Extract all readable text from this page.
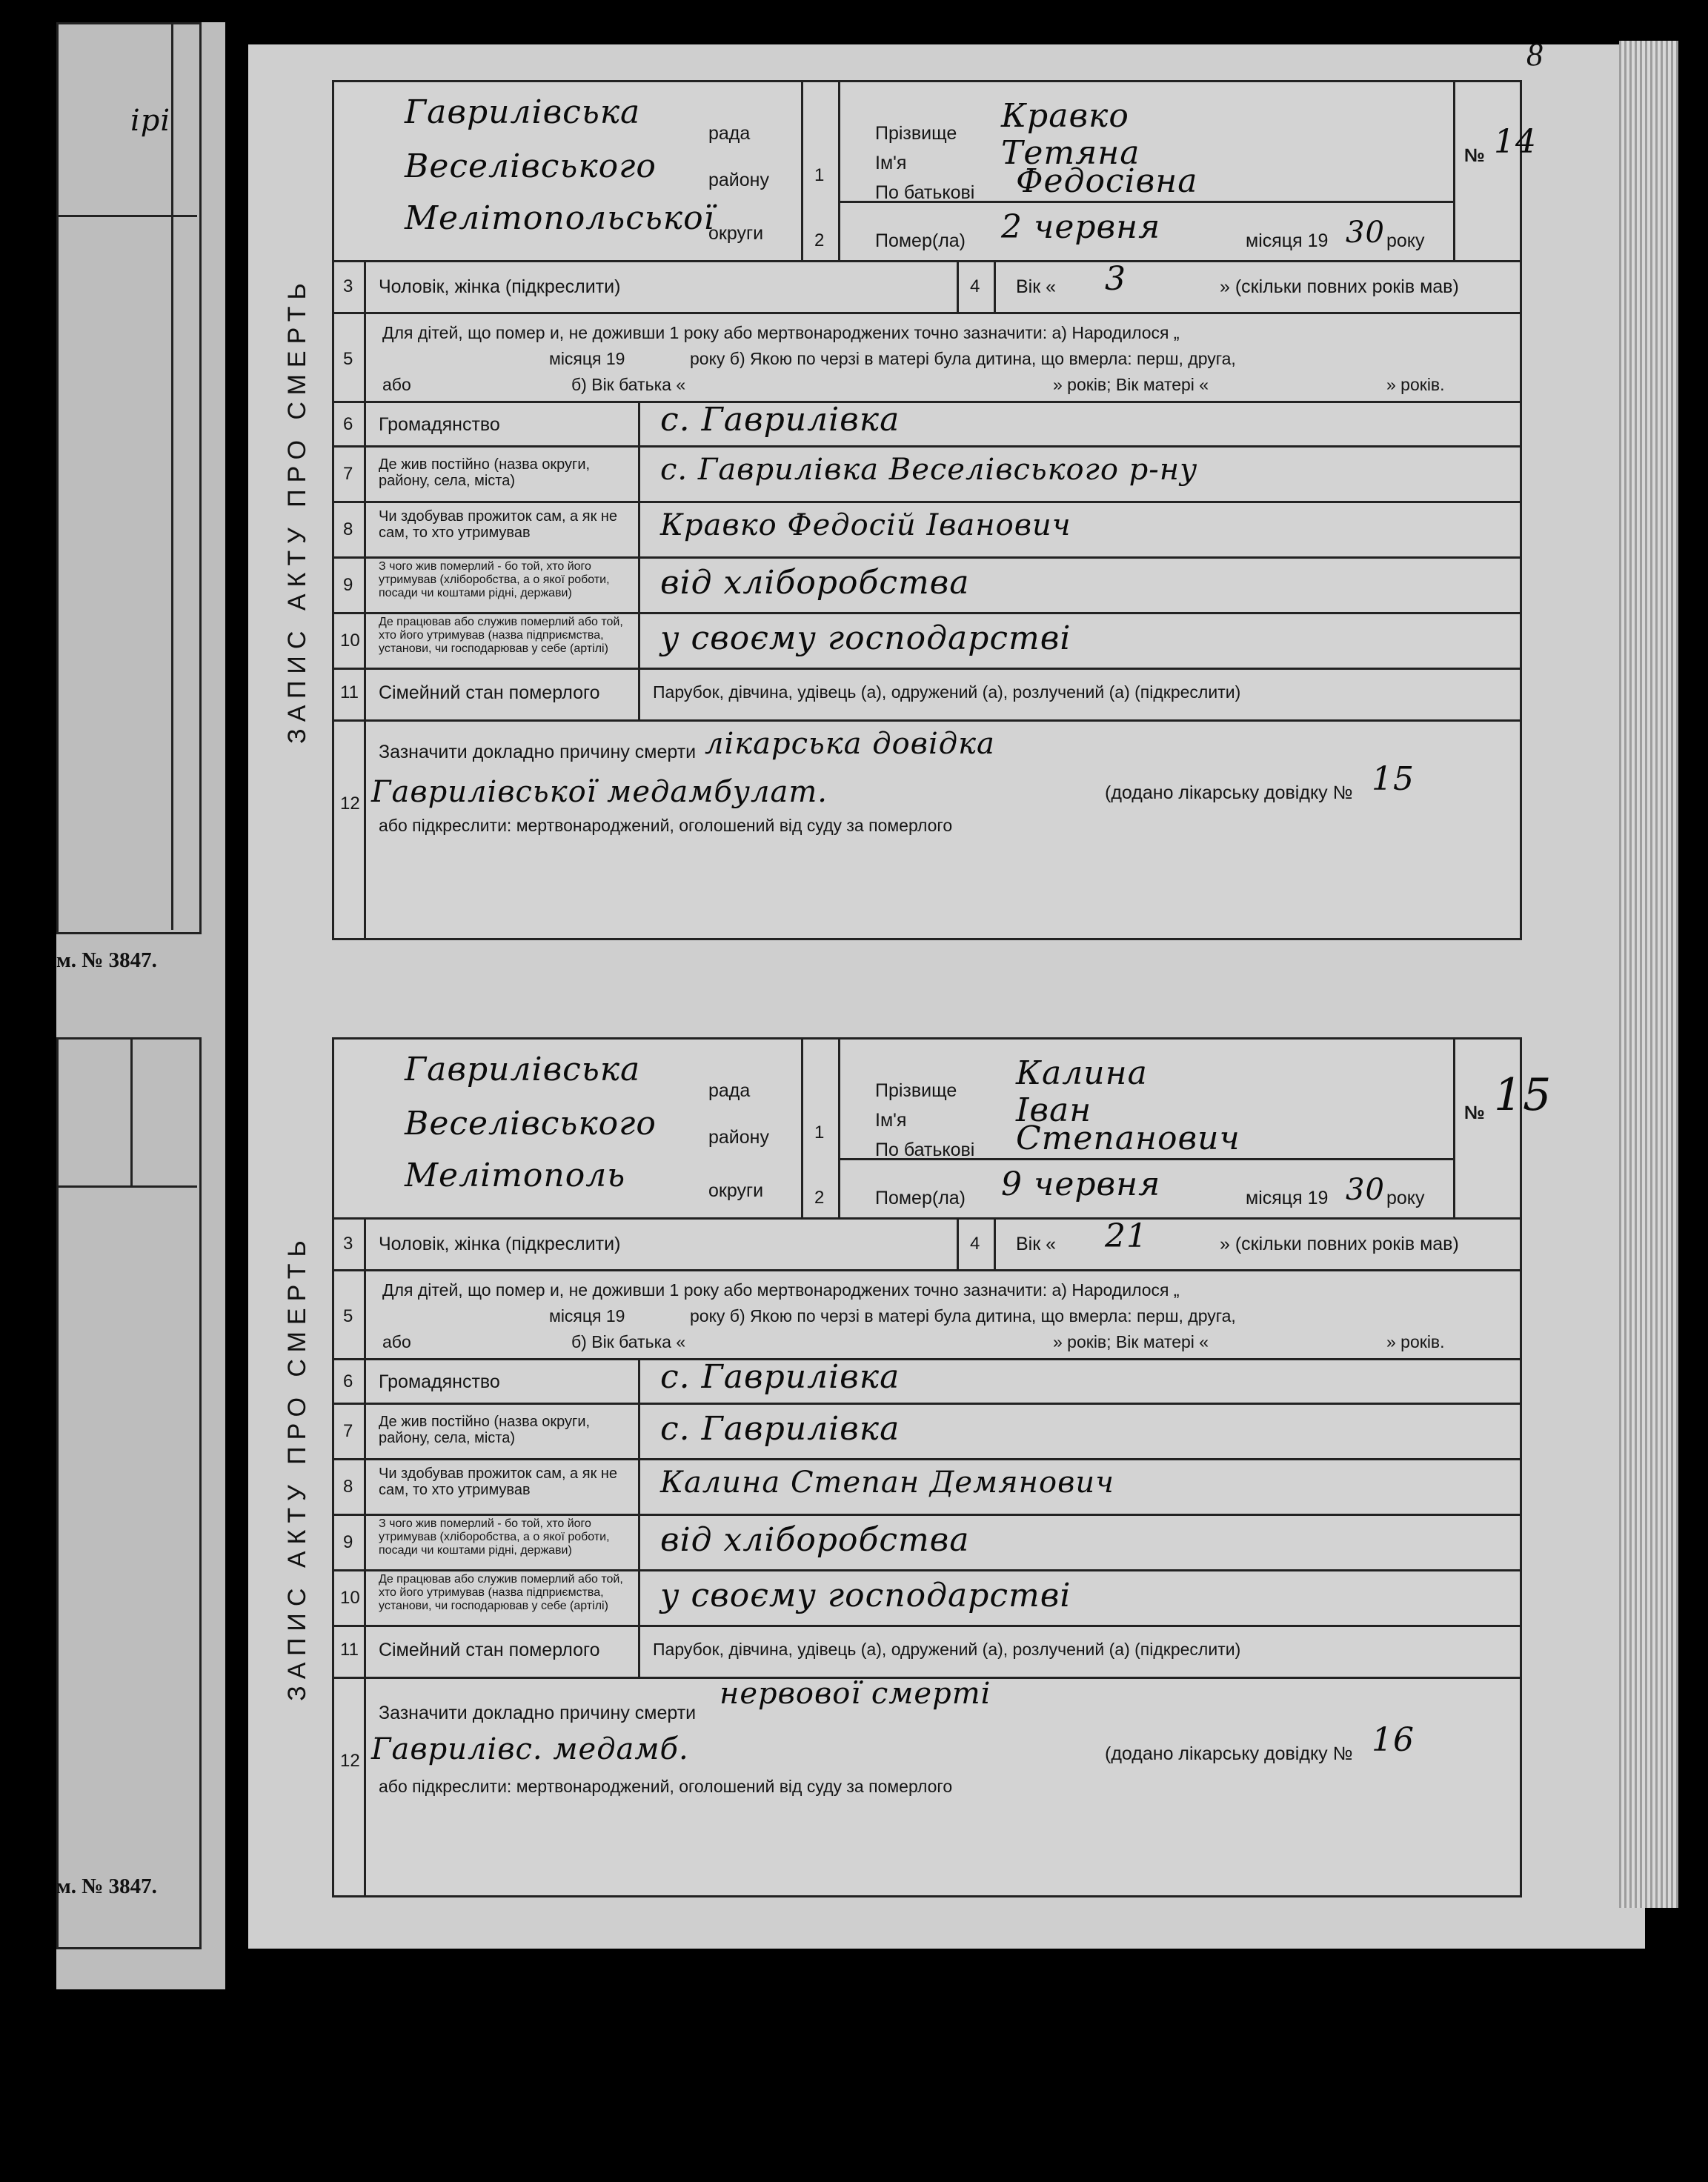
ірі
м. № 3847.
м. № 3847.
8
ЗАПИС АКТУ ПРО СМЕРТЬ
Гаврилівська
рада
Веселівського	району
Мелітопольської
округи
1
2
Прізвище Кравко
Ім'я	Тетяна
По батькові Федосівна
Помер(ла) 2 червня	місяця 19 30 року
№ 14
3 Чоловік, жінка (підкреслити)	4 Вік « 3	» (скільки повних років мав)
5
Для дітей, що помер и, не доживши 1 року або мертвонароджених точно зазначити: а) Народилося „
місяця 19	року б) Якою по черзі в матері була дитина, що вмерла: перш, друга,
або	б) Вік батька «	» років; Вік матері «	» років.
6 Громадянство	с. Гаврилівка
7 Де жив постійно (назва округи, району, села, міста)	с. Гаврилівка Веселівського р-ну
8
Чи здобував прожиток сам, а як не сам, то хто утримував	Кравко Федосій Іванович
9
З чого жив померлий - бо той, хто його утримував (хліборобства, а о якої роботи, посади чи коштами рідні, держави)	від хліборобства
10
Де працював або служив померлий або той, хто його утримував (назва підприємства, установи, чи господарював у себе (артілі)	у своєму господарстві
11 Сімейний стан померлого	Парубок, дівчина, удівець (а), одружений (а), розлучений (а) (підкреслити)
12
Зазначити докладно причину смерти лікарська довідка
Гаврилівської медамбулат.	(додано лікарську довідку № 15
або підкреслити: мертвонароджений, оголошений від суду за померлого
ЗАПИС АКТУ ПРО СМЕРТЬ
Гаврилівська
рада
Веселівського	району
Мелітополь	округи
1
2
Прізвище Калина
Ім'я	Іван
По батькові Степанович
Помер(ла) 9 червня	місяця 19 30 року
№ 15
3 Чоловік, жінка (підкреслити)	4 Вік « 21	» (скільки повних років мав)
5
Для дітей, що помер и, не доживши 1 року або мертвонароджених точно зазначити: а) Народилося „
місяця 19	року б) Якою по черзі в матері була дитина, що вмерла: перш, друга,
або	б) Вік батька «	» років; Вік матері «	» років.
6 Громадянство	с. Гаврилівка
7 Де жив постійно (назва округи, району, села, міста)	с. Гаврилівка
8
Чи здобував прожиток сам, а як не сам, то хто утримував	Калина Степан Демянович
9
З чого жив померлий - бо той, хто його утримував (хліборобства, а о якої роботи, посади чи коштами рідні, держави)	від хліборобства
10
Де працював або служив померлий або той, хто його утримував (назва підприємства, установи, чи господарював у себе (артілі)	у своєму господарстві
11 Сімейний стан померлого	Парубок, дівчина, удівець (а), одружений (а), розлучений (а) (підкреслити)
12
Зазначити докладно причину смерти
нервової смерті
Гаврилівс. медамб.	(додано лікарську довідку № 16
або підкреслити: мертвонароджений, оголошений від суду за померлого
